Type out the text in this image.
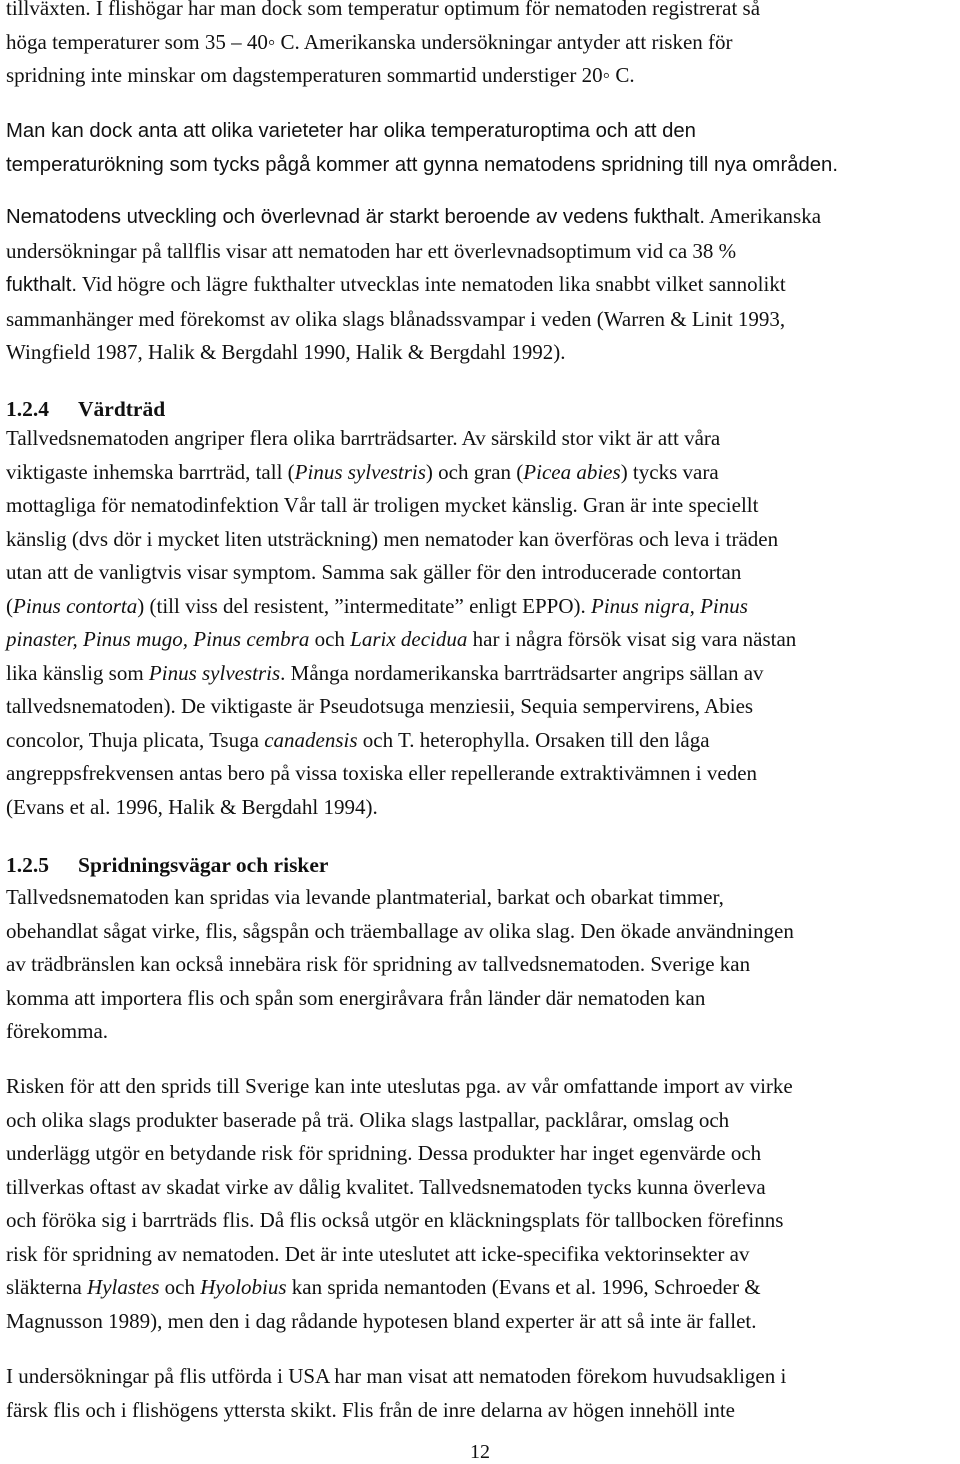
tillväxten. I flishögar har man dock som temperatur optimum för nematoden registrerat så
höga temperaturer som 35 – 40◦ C. Amerikanska undersökningar antyder att risken för
spridning inte minskar om dagstemperaturen sommartid understiger 20◦ C.

Man kan dock anta att olika varieteter har olika temperaturoptima och att den
temperaturökning som tycks pågå kommer att gynna nematodens spridning till nya områden.

Nematodens utveckling och överlevnad är starkt beroende av vedens fukthalt. Amerikanska
undersökningar på tallflis visar att nematoden har ett överlevnadsoptimum vid ca 38 %
fukthalt. Vid högre och lägre fukthalter utvecklas inte nematoden lika snabbt vilket sannolikt
sammanhänger med förekomst av olika slags blånadssvampar i veden (Warren & Linit 1993,
Wingfield 1987, Halik & Bergdahl 1990, Halik & Bergdahl 1992).

1.2.4 Värdträd

Tallvedsnematoden angriper flera olika barrträdsarter. Av särskild stor vikt är att våra
viktigaste inhemska barrträd, tall (Pinus sylvestris) och gran (Picea abies) tycks vara
mottagliga för nematodinfektion Vår tall är troligen mycket känslig. Gran är inte speciellt
känslig (dvs dör i mycket liten utsträckning) men nematoder kan överföras och leva i träden
utan att de vanligtvis visar symptom. Samma sak gäller för den introducerade contortan
(Pinus contorta) (till viss del resistent, ”intermeditate” enligt EPPO). Pinus nigra, Pinus
pinaster, Pinus mugo, Pinus cembra och Larix decidua har i några försök visat sig vara nästan
lika känslig som Pinus sylvestris. Många nordamerikanska barrträdsarter angrips sällan av
tallvedsnematoden). De viktigaste är Pseudotsuga menziesii, Sequia sempervirens, Abies
concolor, Thuja plicata, Tsuga canadensis och T. heterophylla. Orsaken till den låga
angreppsfrekvensen antas bero på vissa toxiska eller repellerande extraktivämnen i veden
(Evans et al. 1996, Halik & Bergdahl 1994).

1.2.5 Spridningsvägar och risker

Tallvedsnematoden kan spridas via levande plantmaterial, barkat och obarkat timmer,
obehandlat sågat virke, flis, sågspån och träemballage av olika slag. Den ökade användningen
av trädbränslen kan också innebära risk för spridning av tallvedsnematoden. Sverige kan
komma att importera flis och spån som energiråvara från länder där nematoden kan
förekomma.

Risken för att den sprids till Sverige kan inte uteslutas pga. av vår omfattande import av virke
och olika slags produkter baserade på trä. Olika slags lastpallar, packlårar, omslag och
underlägg utgör en betydande risk för spridning. Dessa produkter har inget egenvärde och
tillverkas oftast av skadat virke av dålig kvalitet. Tallvedsnematoden tycks kunna överleva
och föröka sig i barrträds flis. Då flis också utgör en kläckningsplats för tallbocken förefinns
risk för spridning av nematoden. Det är inte uteslutet att icke-specifika vektorinsekter av
släkterna Hylastes och Hyolobius kan sprida nemantoden (Evans et al. 1996, Schroeder &
Magnusson 1989), men den i dag rådande hypotesen bland experter är att så inte är fallet.

I undersökningar på flis utförda i USA har man visat att nematoden förekom huvudsakligen i
färsk flis och i flishögens yttersta skikt. Flis från de inre delarna av högen innehöll inte

12
